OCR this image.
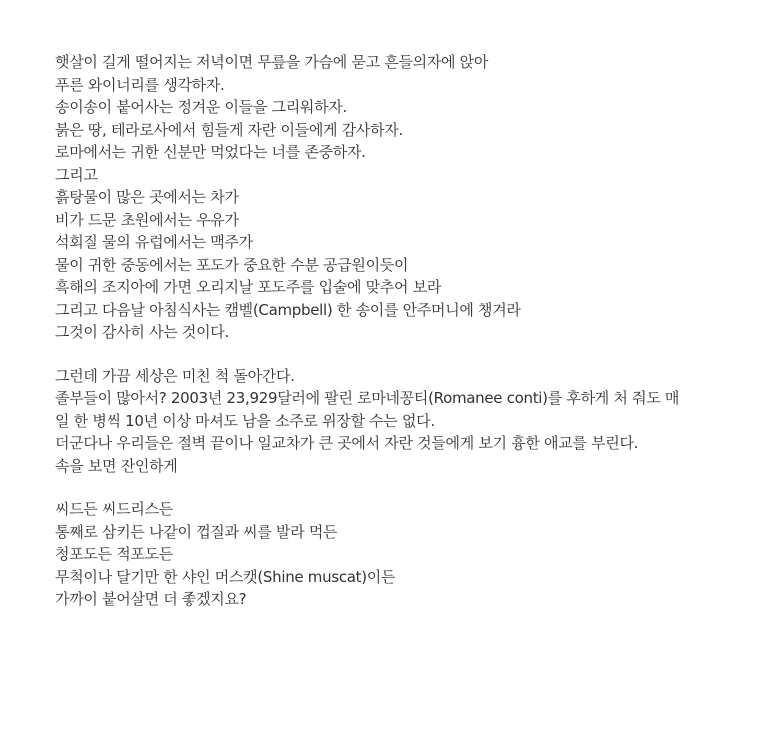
햇살이 길게 떨어지는 저녁이면 무릎을 가슴에 묻고 흔들의자에 앉아
푸른 와이너리를 생각하자.
송이송이 붙어사는 정겨운 이들을 그리워하자.
붉은 땅, 테라로사에서 힘들게 자란 이들에게 감사하자.
로마에서는 귀한 신분만 먹었다는 너를 존중하자.
그리고
흙탕물이 많은 곳에서는 차가
비가 드문 초원에서는 우유가
석회질 물의 유럽에서는 맥주가
물이 귀한 중동에서는 포도가 중요한 수분 공급원이듯이
흑해의 조지아에 가면 오리지날 포도주를 입술에 맞추어 보라
그리고 다음날 아침식사는 캠벨(Campbell) 한 송이를 안주머니에 챙겨라
그것이 감사히 사는 것이다.
그런데 가끔 세상은 미친 척 돌아간다.
졸부들이 많아서? 2003년 23,929달러에 팔린 로마네꽁티(Romanee conti)를 후하게 처 줘도 매
일 한 병씩 10년 이상 마셔도 남을 소주로 위장할 수는 없다.
더군다나 우리들은 절벽 끝이나 일교차가 큰 곳에서 자란 것들에게 보기 흉한 애교를 부린다.
속을 보면 잔인하게
씨드든 씨드리스든
통째로 삼키든 나같이 껍질과 씨를 발라 먹든
청포도든 적포도든
무척이나 달기만 한 샤인 머스캣(Shine muscat)이든
가까이 붙어살면 더 좋겠지요?
